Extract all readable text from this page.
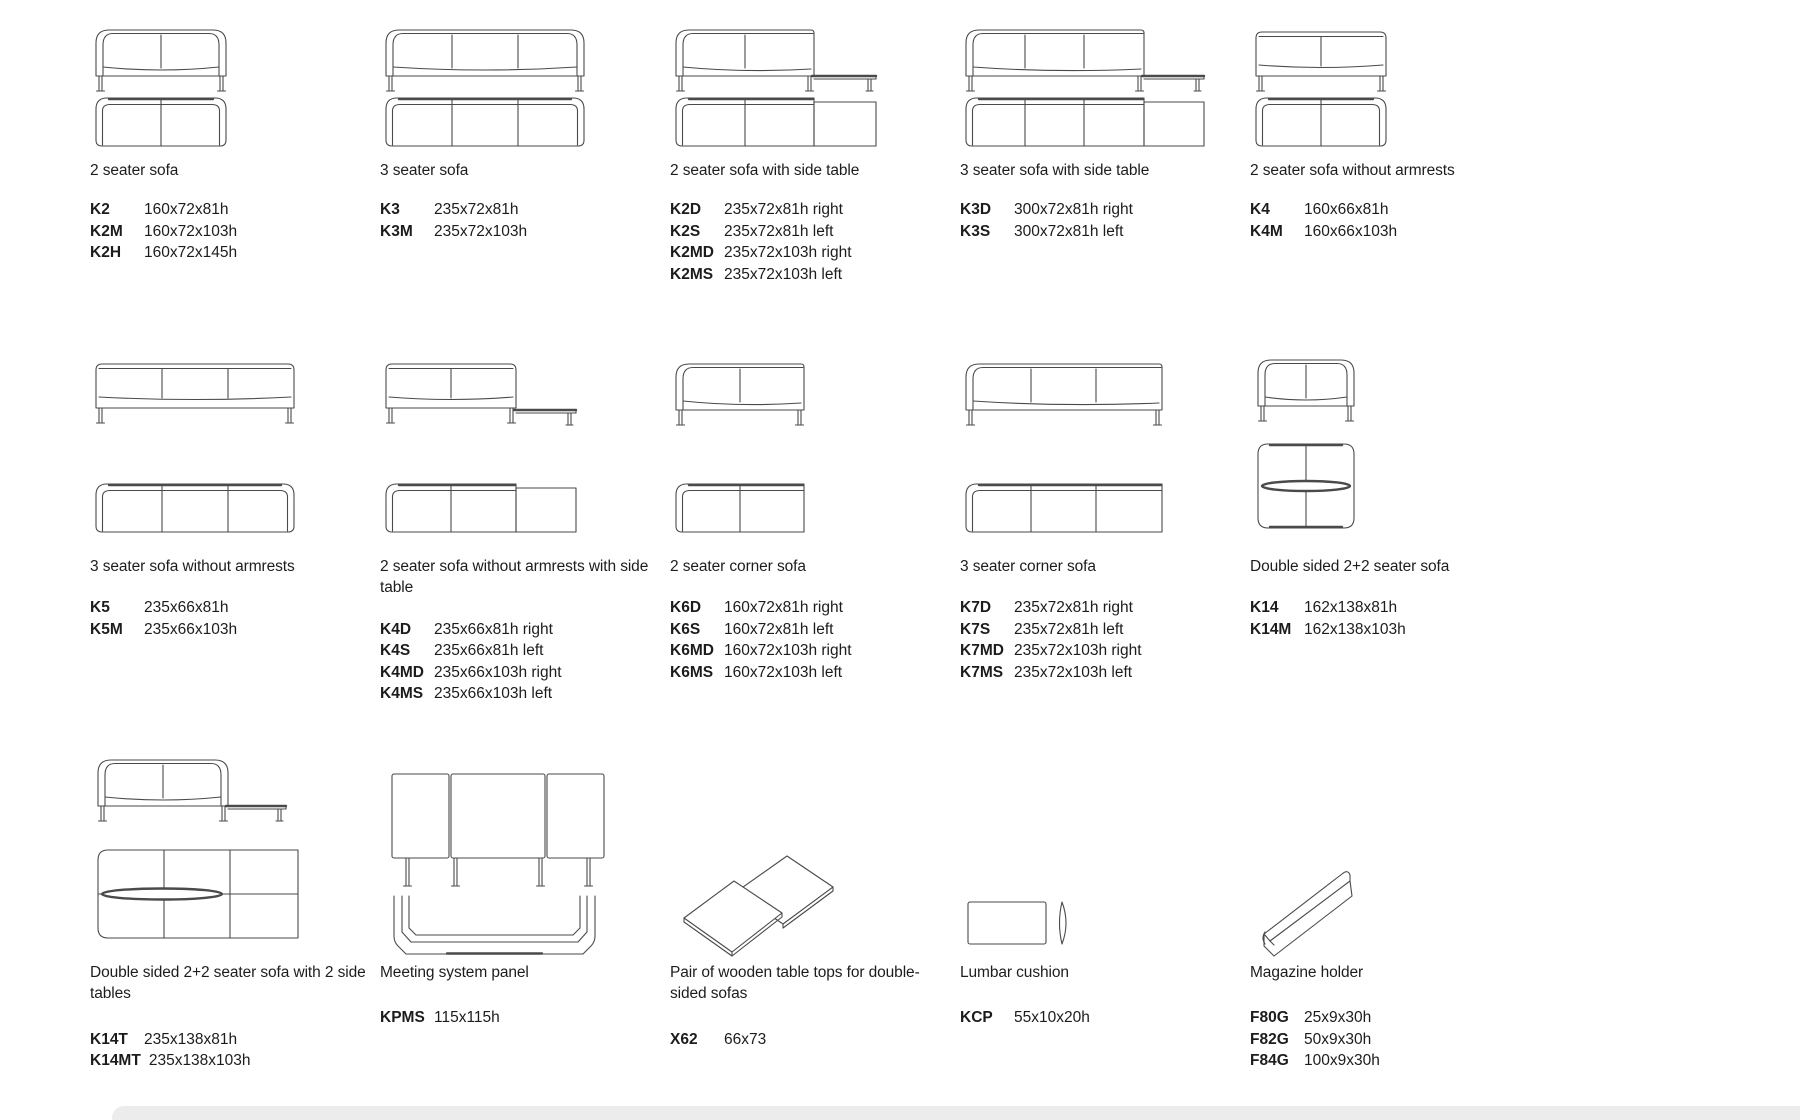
2 seater sofa
K2	160x72x81h
K2M	160x72x103h
K2H	160x72x145h
3 seater sofa
K3	235x72x81h
K3M	235x72x103h
2 seater sofa with side table
K2D	235x72x81h right
K2S	235x72x81h left
K2MD 235x72x103h right
K2MS 235x72x103h left
3 seater sofa with side table
K3D	300x72x81h right
K3S	300x72x81h left
2 seater sofa without armrests
K4	160x66x81h
K4M	160x66x103h
3 seater sofa without armrests
K5	235x66x81h
K5M	235x66x103h
2 seater sofa without armrests with side table
K4D	235x66x81h right
K4S	235x66x81h left
K4MD 235x66x103h right
K4MS 235x66x103h left
2 seater corner sofa
K6D	160x72x81h right
K6S	160x72x81h left
K6MD 160x72x103h right
K6MS 160x72x103h left
3 seater corner sofa
K7D	235x72x81h right
K7S	235x72x81h left
K7MD 235x72x103h right
K7MS 235x72x103h left
Double sided 2+2 seater sofa
K14	162x138x81h
K14M 162x138x103h
Double sided 2+2 seater sofa with 2 side tables
K14T	235x138x81h
K14MT 235x138x103h
Meeting system panel
KPMS 115x115h
Pair of wooden table tops for double-sided sofas
X62	66x73
Lumbar cushion
KCP	55x10x20h
Magazine holder
F80G 25x9x30h
F82G 50x9x30h
F84G 100x9x30h
